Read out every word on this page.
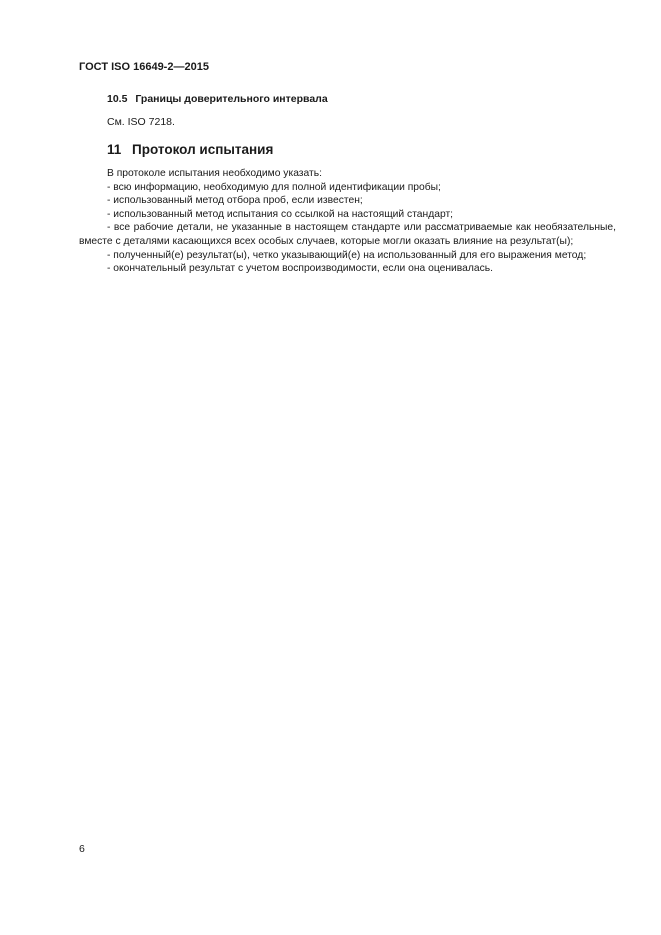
ГОСТ ISO 16649-2—2015
10.5 Границы доверительного интервала
См. ISO 7218.
11 Протокол испытания

В протоколе испытания необходимо указать:

- всю информацию, необходимую для полной идентификации пробы;

- использованный метод отбора проб, если известен;

- использованный метод испытания со ссылкой на настоящий стандарт;

- все рабочие детали, не указанные в настоящем стандарте или рассматриваемые как необязательные, вместе с деталями касающихся всех особых случаев, которые могли оказать влияние на результат(ы);

- полученный(е) результат(ы), четко указывающий(е) на использованный для его выражения метод;

- окончательный результат с учетом воспроизводимости, если она оценивалась.

6
